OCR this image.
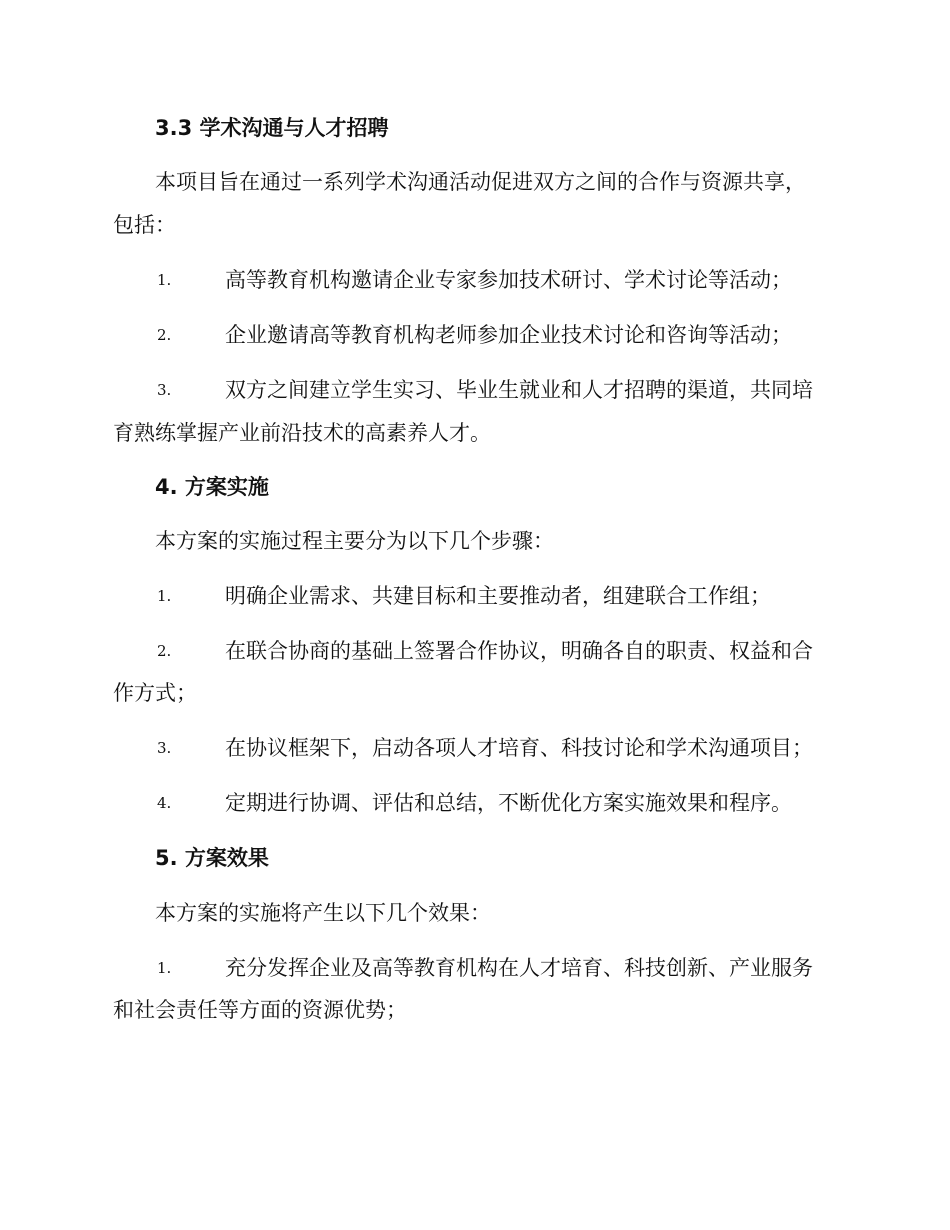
3.3 学术沟通与人才招聘
本项目旨在通过一系列学术沟通活动促进双方之间的合作与资源共享，
包括：
1.	高等教育机构邀请企业专家参加技术研讨、学术讨论等活动；
2.	企业邀请高等教育机构老师参加企业技术讨论和咨询等活动；
3.	双方之间建立学生实习、毕业生就业和人才招聘的渠道，共同培
育熟练掌握产业前沿技术的高素养人才。
4. 方案实施
本方案的实施过程主要分为以下几个步骤：
1.	明确企业需求、共建目标和主要推动者，组建联合工作组；
2.	在联合协商的基础上签署合作协议，明确各自的职责、权益和合
作方式；
3.	在协议框架下，启动各项人才培育、科技讨论和学术沟通项目；
4.	定期进行协调、评估和总结，不断优化方案实施效果和程序。
5. 方案效果
本方案的实施将产生以下几个效果：
1.	充分发挥企业及高等教育机构在人才培育、科技创新、产业服务
和社会责任等方面的资源优势；
